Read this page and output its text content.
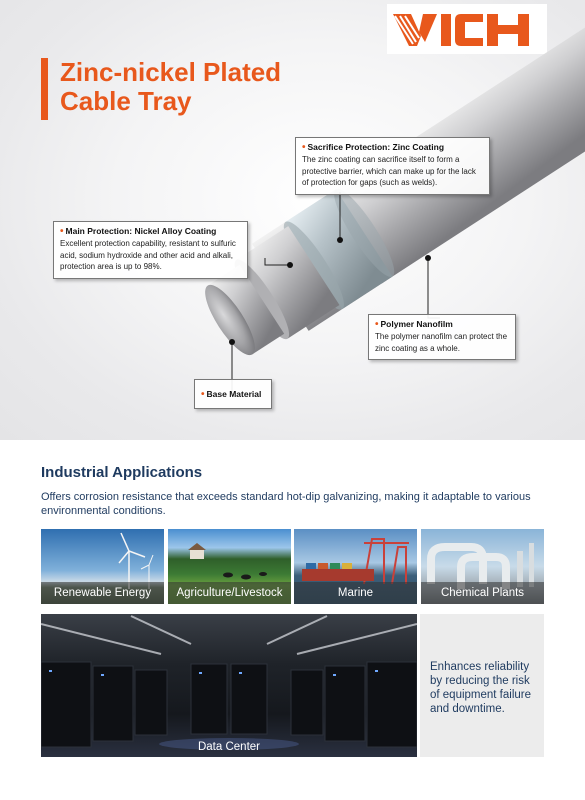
Zinc-nickel Plated
Cable Tray
• Sacrifice Protection: Zinc Coating
The zinc coating can sacrifice itself to form a protective barrier, which can make up for the lack of protection for gaps (such as welds).
• Main Protection: Nickel Alloy Coating
Excellent protection capability, resistant to sulfuric acid, sodium hydroxide and other acid and alkali, protection area is up to 98%.
• Polymer Nanofilm
The polymer nanofilm can protect the zinc coating as a whole.
• Base Material
Industrial Applications
Offers corrosion resistance that exceeds standard hot-dip galvanizing, making it adaptable to various environmental conditions.
Renewable Energy	Agriculture/Livestock	Marine	Chemical Plants
Data Center
Enhances reliability by reducing the risk of equipment failure and downtime.
